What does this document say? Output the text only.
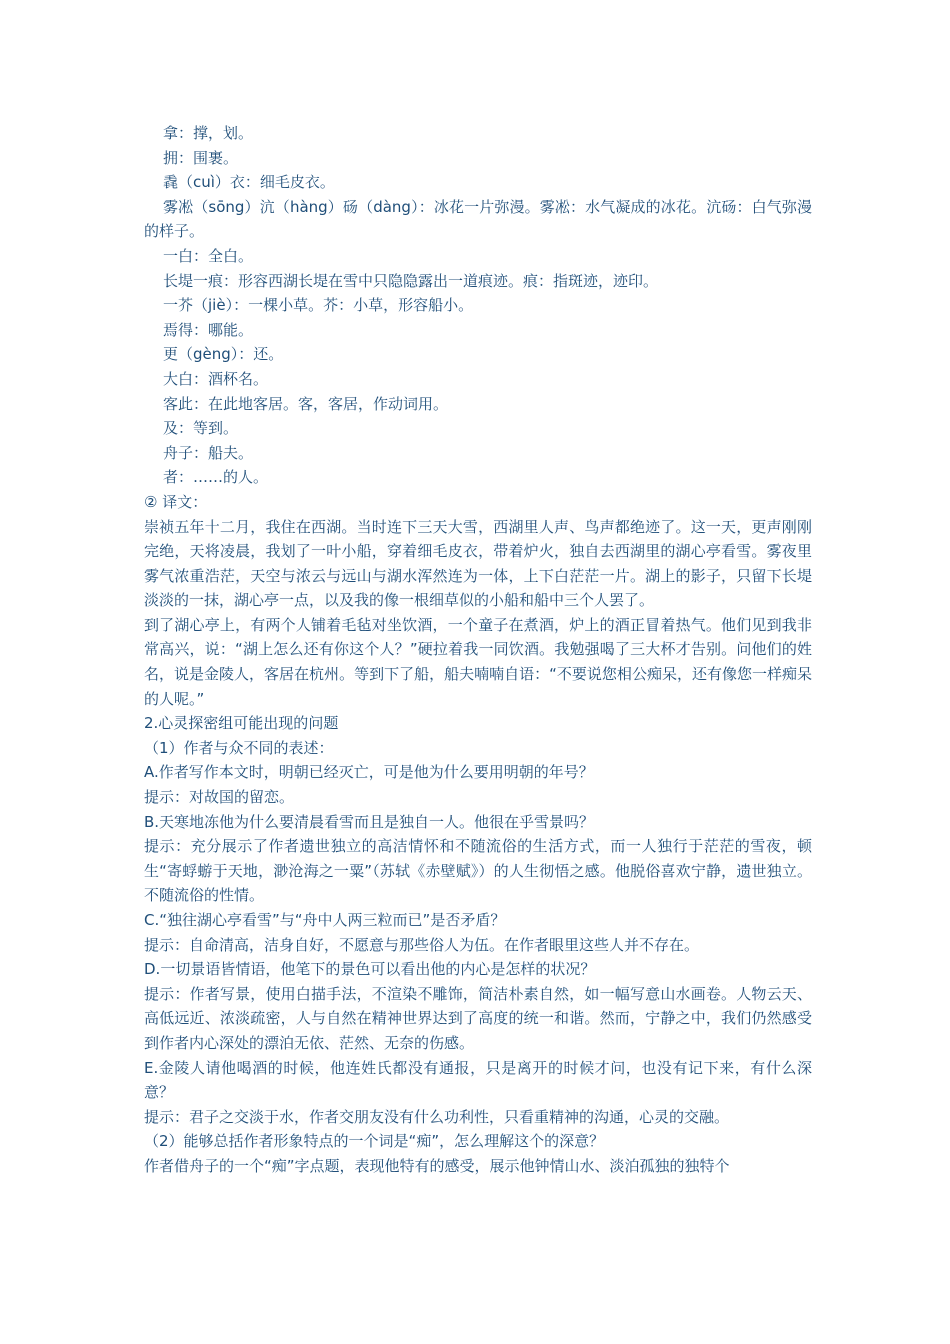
拿：撑，划。

拥：围裹。

毳（cuì）衣：细毛皮衣。

雾凇（sōng）沆（hàng）砀（dàng）：冰花一片弥漫。雾凇：水气凝成的冰花。沆砀：白气弥漫的样子。

一白：全白。

长堤一痕：形容西湖长堤在雪中只隐隐露出一道痕迹。痕：指斑迹，迹印。

一芥（jiè）：一棵小草。芥：小草，形容船小。

焉得：哪能。

更（gèng）：还。

大白：酒杯名。

客此：在此地客居。客，客居，作动词用。

及：等到。

舟子：船夫。

者：……的人。

② 译文：

崇祯五年十二月，我住在西湖。当时连下三天大雪，西湖里人声、鸟声都绝迹了。这一天，更声刚刚完绝，天将凌晨，我划了一叶小船，穿着细毛皮衣，带着炉火，独自去西湖里的湖心亭看雪。雾夜里雾气浓重浩茫，天空与浓云与远山与湖水浑然连为一体，上下白茫茫一片。湖上的影子，只留下长堤淡淡的一抹，湖心亭一点，以及我的像一根细草似的小船和船中三个人罢了。

到了湖心亭上，有两个人铺着毛毡对坐饮酒，一个童子在煮酒，炉上的酒正冒着热气。他们见到我非常高兴，说：“湖上怎么还有你这个人？”硬拉着我一同饮酒。我勉强喝了三大杯才告别。问他们的姓名，说是金陵人，客居在杭州。等到下了船，船夫喃喃自语：“不要说您相公痴呆，还有像您一样痴呆的人呢。”

2.心灵探密组可能出现的问题

（1）作者与众不同的表述：

A.作者写作本文时，明朝已经灭亡，可是他为什么要用明朝的年号？

提示：对故国的留恋。

B.天寒地冻他为什么要清晨看雪而且是独自一人。他很在乎雪景吗？

提示：充分展示了作者遗世独立的高洁情怀和不随流俗的生活方式，而一人独行于茫茫的雪夜，顿生“寄蜉蝣于天地，渺沧海之一粟”（苏轼《赤壁赋》）的人生彻悟之感。他脱俗喜欢宁静，遗世独立。不随流俗的性情。

C.“独往湖心亭看雪”与“舟中人两三粒而已”是否矛盾？

提示：自命清高，洁身自好，不愿意与那些俗人为伍。在作者眼里这些人并不存在。

D.一切景语皆情语，他笔下的景色可以看出他的内心是怎样的状况？

提示：作者写景，使用白描手法，不渲染不雕饰，简洁朴素自然，如一幅写意山水画卷。人物云天、高低远近、浓淡疏密，人与自然在精神世界达到了高度的统一和谐。然而，宁静之中，我们仍然感受到作者内心深处的漂泊无依、茫然、无奈的伤感。

E.金陵人请他喝酒的时候，他连姓氏都没有通报，只是离开的时候才问，也没有记下来，有什么深意？

提示：君子之交淡于水，作者交朋友没有什么功利性，只看重精神的沟通，心灵的交融。

（2）能够总括作者形象特点的一个词是“痴”，怎么理解这个的深意？

作者借舟子的一个“痴”字点题，表现他特有的感受，展示他钟情山水、淡泊孤独的独特个
